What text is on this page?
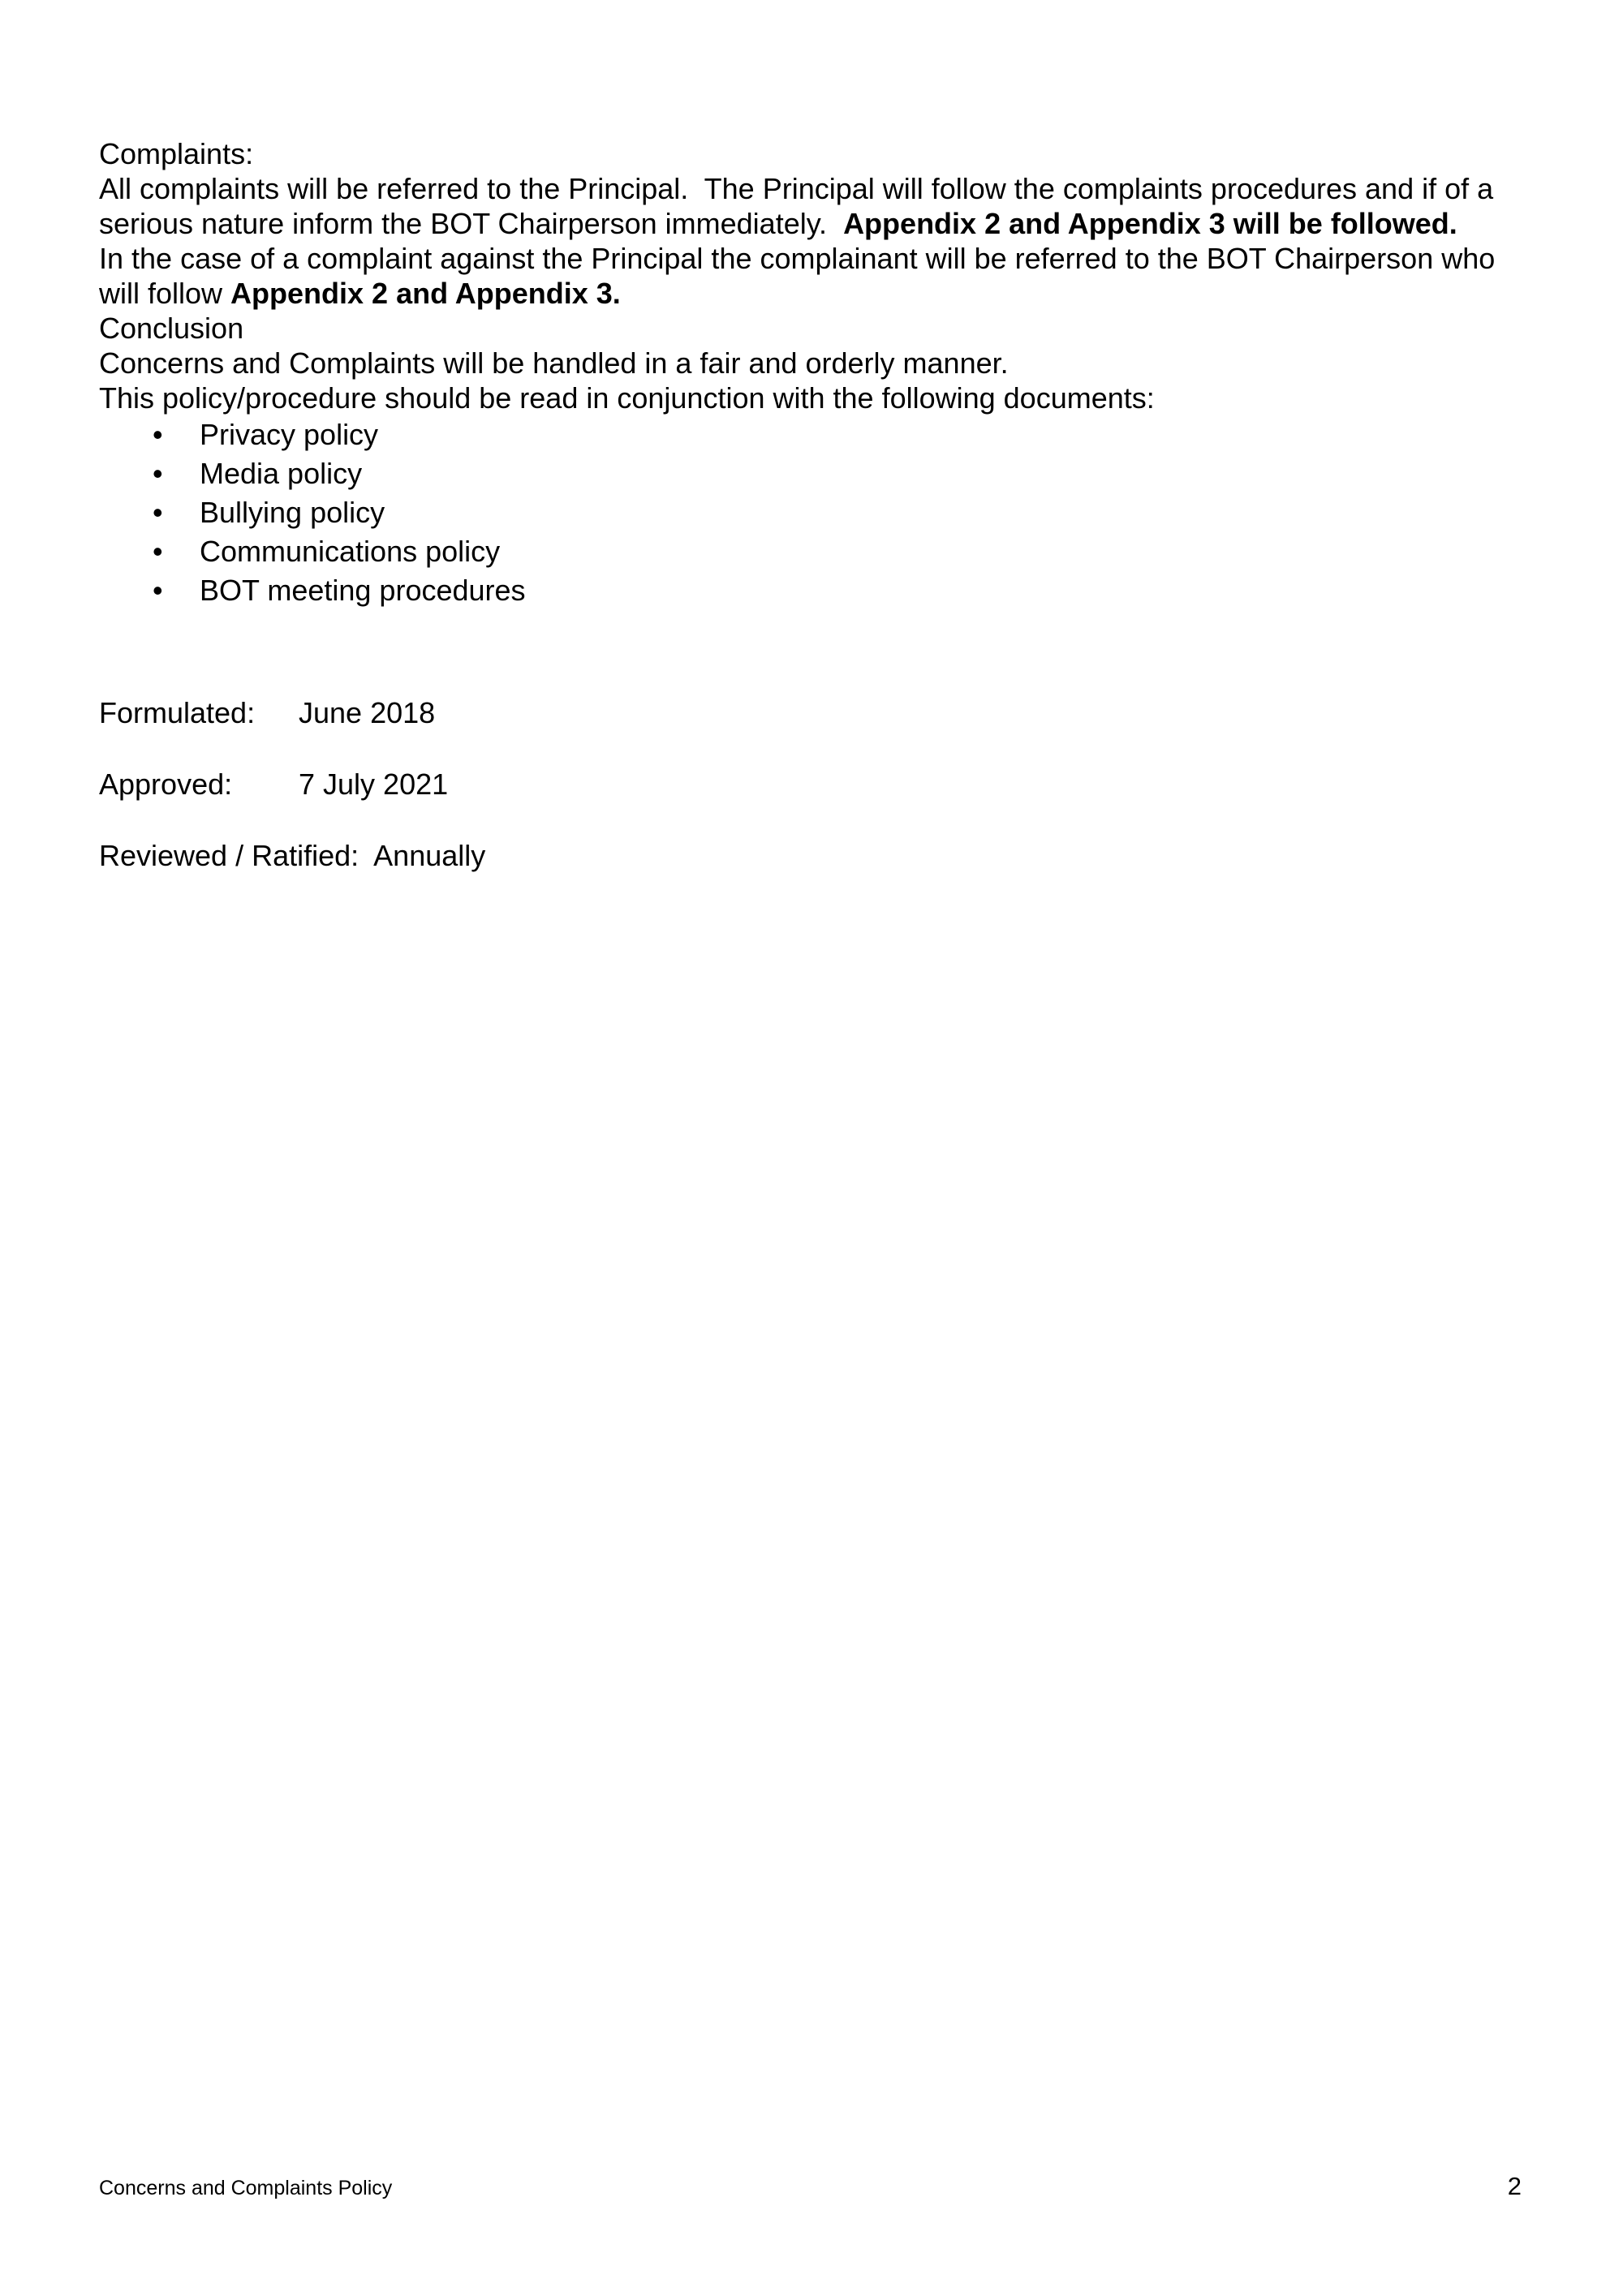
Complaints:

All complaints will be referred to the Principal.  The Principal will follow the complaints procedures and if of a serious nature inform the BOT Chairperson immediately.  Appendix 2 and Appendix 3 will be followed.

In the case of a complaint against the Principal the complainant will be referred to the BOT Chairperson who will follow Appendix 2 and Appendix 3.

Conclusion

Concerns and Complaints will be handled in a fair and orderly manner.

This policy/procedure should be read in conjunction with the following documents:

•	Privacy policy
•	Media policy
•	Bullying policy
•	Communications policy
•	BOT meeting procedures
Formulated:	June 2018
Approved:	7 July 2021
Reviewed / Ratified: Annually
Concerns and Complaints Policy	2
